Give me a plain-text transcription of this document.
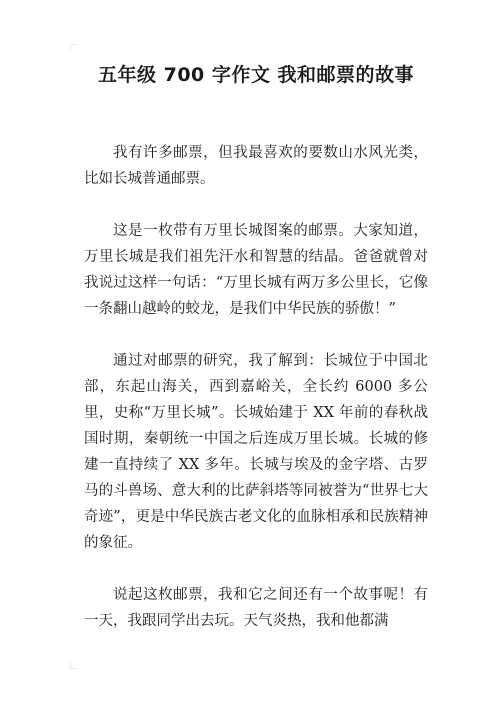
五年级 700 字作文 我和邮票的故事

我有许多邮票，但我最喜欢的要数山水风光类，比如长城普通邮票。

这是一枚带有万里长城图案的邮票。大家知道，万里长城是我们祖先汗水和智慧的结晶。爸爸就曾对我说过这样一句话：“万里长城有两万多公里长，它像一条翻山越岭的蛟龙，是我们中华民族的骄傲！”

通过对邮票的研究，我了解到：长城位于中国北部，东起山海关，西到嘉峪关，全长约 6000 多公里，史称“万里长城”。长城始建于 XX 年前的春秋战国时期，秦朝统一中国之后连成万里长城。长城的修建一直持续了 XX 多年。长城与埃及的金字塔、古罗马的斗兽场、意大利的比萨斜塔等同被誉为“世界七大奇迹”，更是中华民族古老文化的血脉相承和民族精神的象征。

说起这枚邮票，我和它之间还有一个故事呢！有一天，我跟同学出去玩。天气炎热，我和他都满
